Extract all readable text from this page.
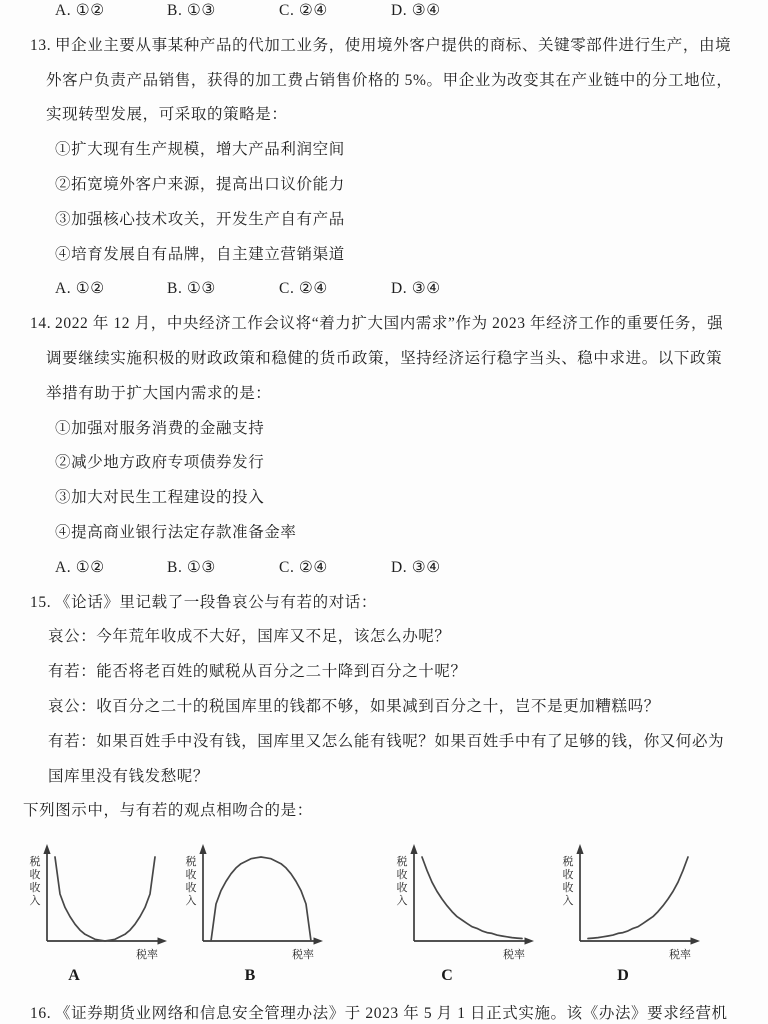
A. ①②	B. ①③	C. ②④	D. ③④
13. 甲企业主要从事某种产品的代加工业务，使用境外客户提供的商标、关键零部件进行生产，由境
外客户负责产品销售，获得的加工费占销售价格的 5%。甲企业为改变其在产业链中的分工地位，
实现转型发展，可采取的策略是：
①扩大现有生产规模，增大产品利润空间
②拓宽境外客户来源，提高出口议价能力
③加强核心技术攻关，开发生产自有产品
④培育发展自有品牌，自主建立营销渠道
A. ①②	B. ①③	C. ②④	D. ③④
14. 2022 年 12 月，中央经济工作会议将“着力扩大国内需求”作为 2023 年经济工作的重要任务，强
调要继续实施积极的财政政策和稳健的货币政策，坚持经济运行稳字当头、稳中求进。以下政策
举措有助于扩大国内需求的是：
①加强对服务消费的金融支持
②减少地方政府专项债券发行
③加大对民生工程建设的投入
④提高商业银行法定存款准备金率
A. ①②	B. ①③	C. ②④	D. ③④
15. 《论话》里记载了一段鲁哀公与有若的对话：
哀公：今年荒年收成不大好，国库又不足，该怎么办呢？
有若：能否将老百姓的赋税从百分之二十降到百分之十呢？
哀公：收百分之二十的税国库里的钱都不够，如果减到百分之十，岂不是更加糟糕吗？
有若：如果百姓手中没有钱，国库里又怎么能有钱呢？如果百姓手中有了足够的钱，你又何必为
国库里没有钱发愁呢？
下列图示中，与有若的观点相吻合的是：
税
收
收
入
税率
税
收
收
入
税率
税
收
收
入
税率
税
收
收
入
税率
A	B	C	D
16. 《证券期货业网络和信息安全管理办法》于 2023 年 5 月 1 日正式实施。该《办法》要求经营机
